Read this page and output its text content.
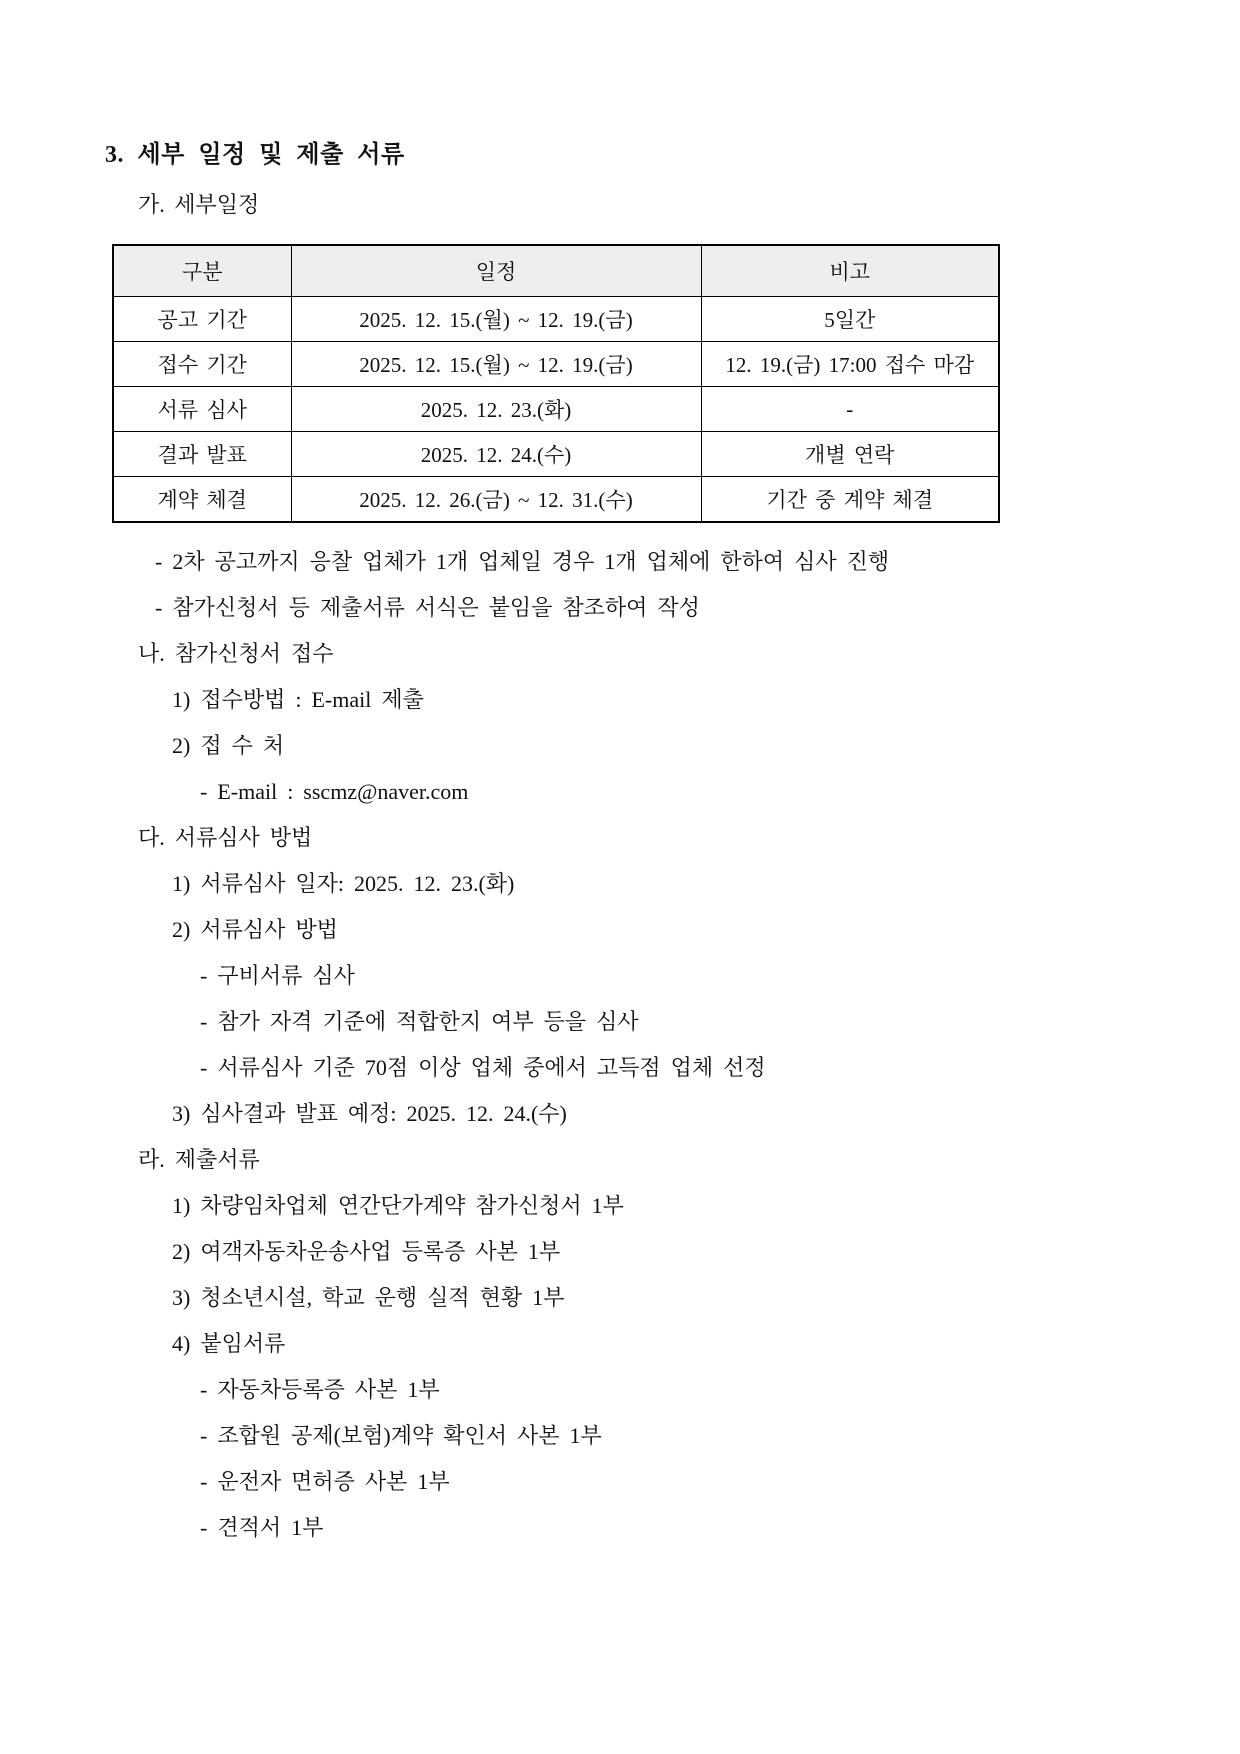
3. 세부 일정 및 제출 서류
가. 세부일정
구분	일정	비고
공고 기간	2025. 12. 15.(월) ~ 12. 19.(금)	5일간
접수 기간	2025. 12. 15.(월) ~ 12. 19.(금)	12. 19.(금) 17:00 접수 마감
서류 심사	2025. 12. 23.(화)	-
결과 발표	2025. 12. 24.(수)	개별 연락
계약 체결	2025. 12. 26.(금) ~ 12. 31.(수)	기간 중 계약 체결
- 2차 공고까지 응찰 업체가 1개 업체일 경우 1개 업체에 한하여 심사 진행
- 참가신청서 등 제출서류 서식은 붙임을 참조하여 작성
나. 참가신청서 접수
1) 접수방법 : E-mail 제출
2) 접 수 처
- E-mail : sscmz@naver.com
다. 서류심사 방법
1) 서류심사 일자: 2025. 12. 23.(화)
2) 서류심사 방법
- 구비서류 심사
- 참가 자격 기준에 적합한지 여부 등을 심사
- 서류심사 기준 70점 이상 업체 중에서 고득점 업체 선정
3) 심사결과 발표 예정: 2025. 12. 24.(수)
라. 제출서류
1) 차량임차업체 연간단가계약 참가신청서 1부
2) 여객자동차운송사업 등록증 사본 1부
3) 청소년시설, 학교 운행 실적 현황 1부
4) 붙임서류
- 자동차등록증 사본 1부
- 조합원 공제(보험)계약 확인서 사본 1부
- 운전자 면허증 사본 1부
- 견적서 1부
